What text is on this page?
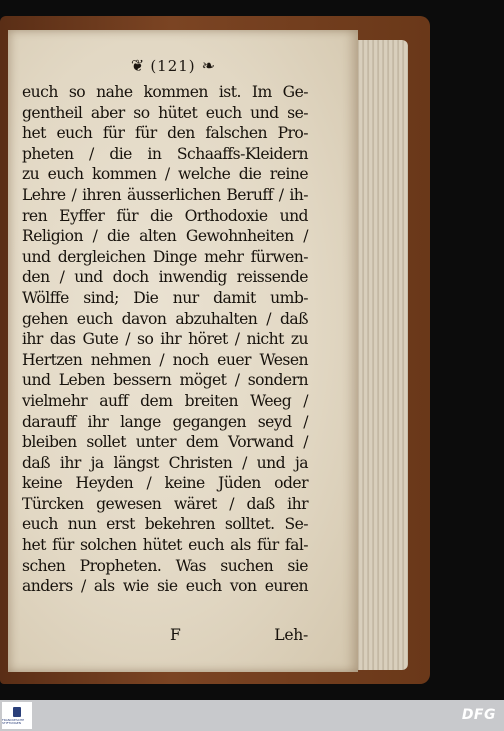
❦ (121) ❧
euch so nahe kommen ist. Im Ge-
gentheil aber so hütet euch und se-
het euch für für den falschen Pro-
pheten / die in Schaaffs-Kleidern
zu euch kommen / welche die reine
Lehre / ihren äusserlichen Beruff / ih-
ren Eyffer für die Orthodoxie und
Religion / die alten Gewohnheiten /
und dergleichen Dinge mehr fürwen-
den / und doch inwendig reissende
Wölffe sind; Die nur damit umb-
gehen euch davon abzuhalten / daß
ihr das Gute / so ihr höret / nicht zu
Hertzen nehmen / noch euer Wesen
und Leben bessern möget / sondern
vielmehr auff dem breiten Weeg /
darauff ihr lange gegangen seyd /
bleiben sollet unter dem Vorwand /
daß ihr ja längst Christen / und ja
keine Heyden / keine Jüden oder
Türcken gewesen wäret / daß ihr
euch nun erst bekehren solltet. Se-
het für solchen hütet euch als für fal-
schen Propheten. Was suchen sie
anders / als wie sie euch von euren
F	Leh-
FRANCKESCHE STIFTUNGEN	DFG
